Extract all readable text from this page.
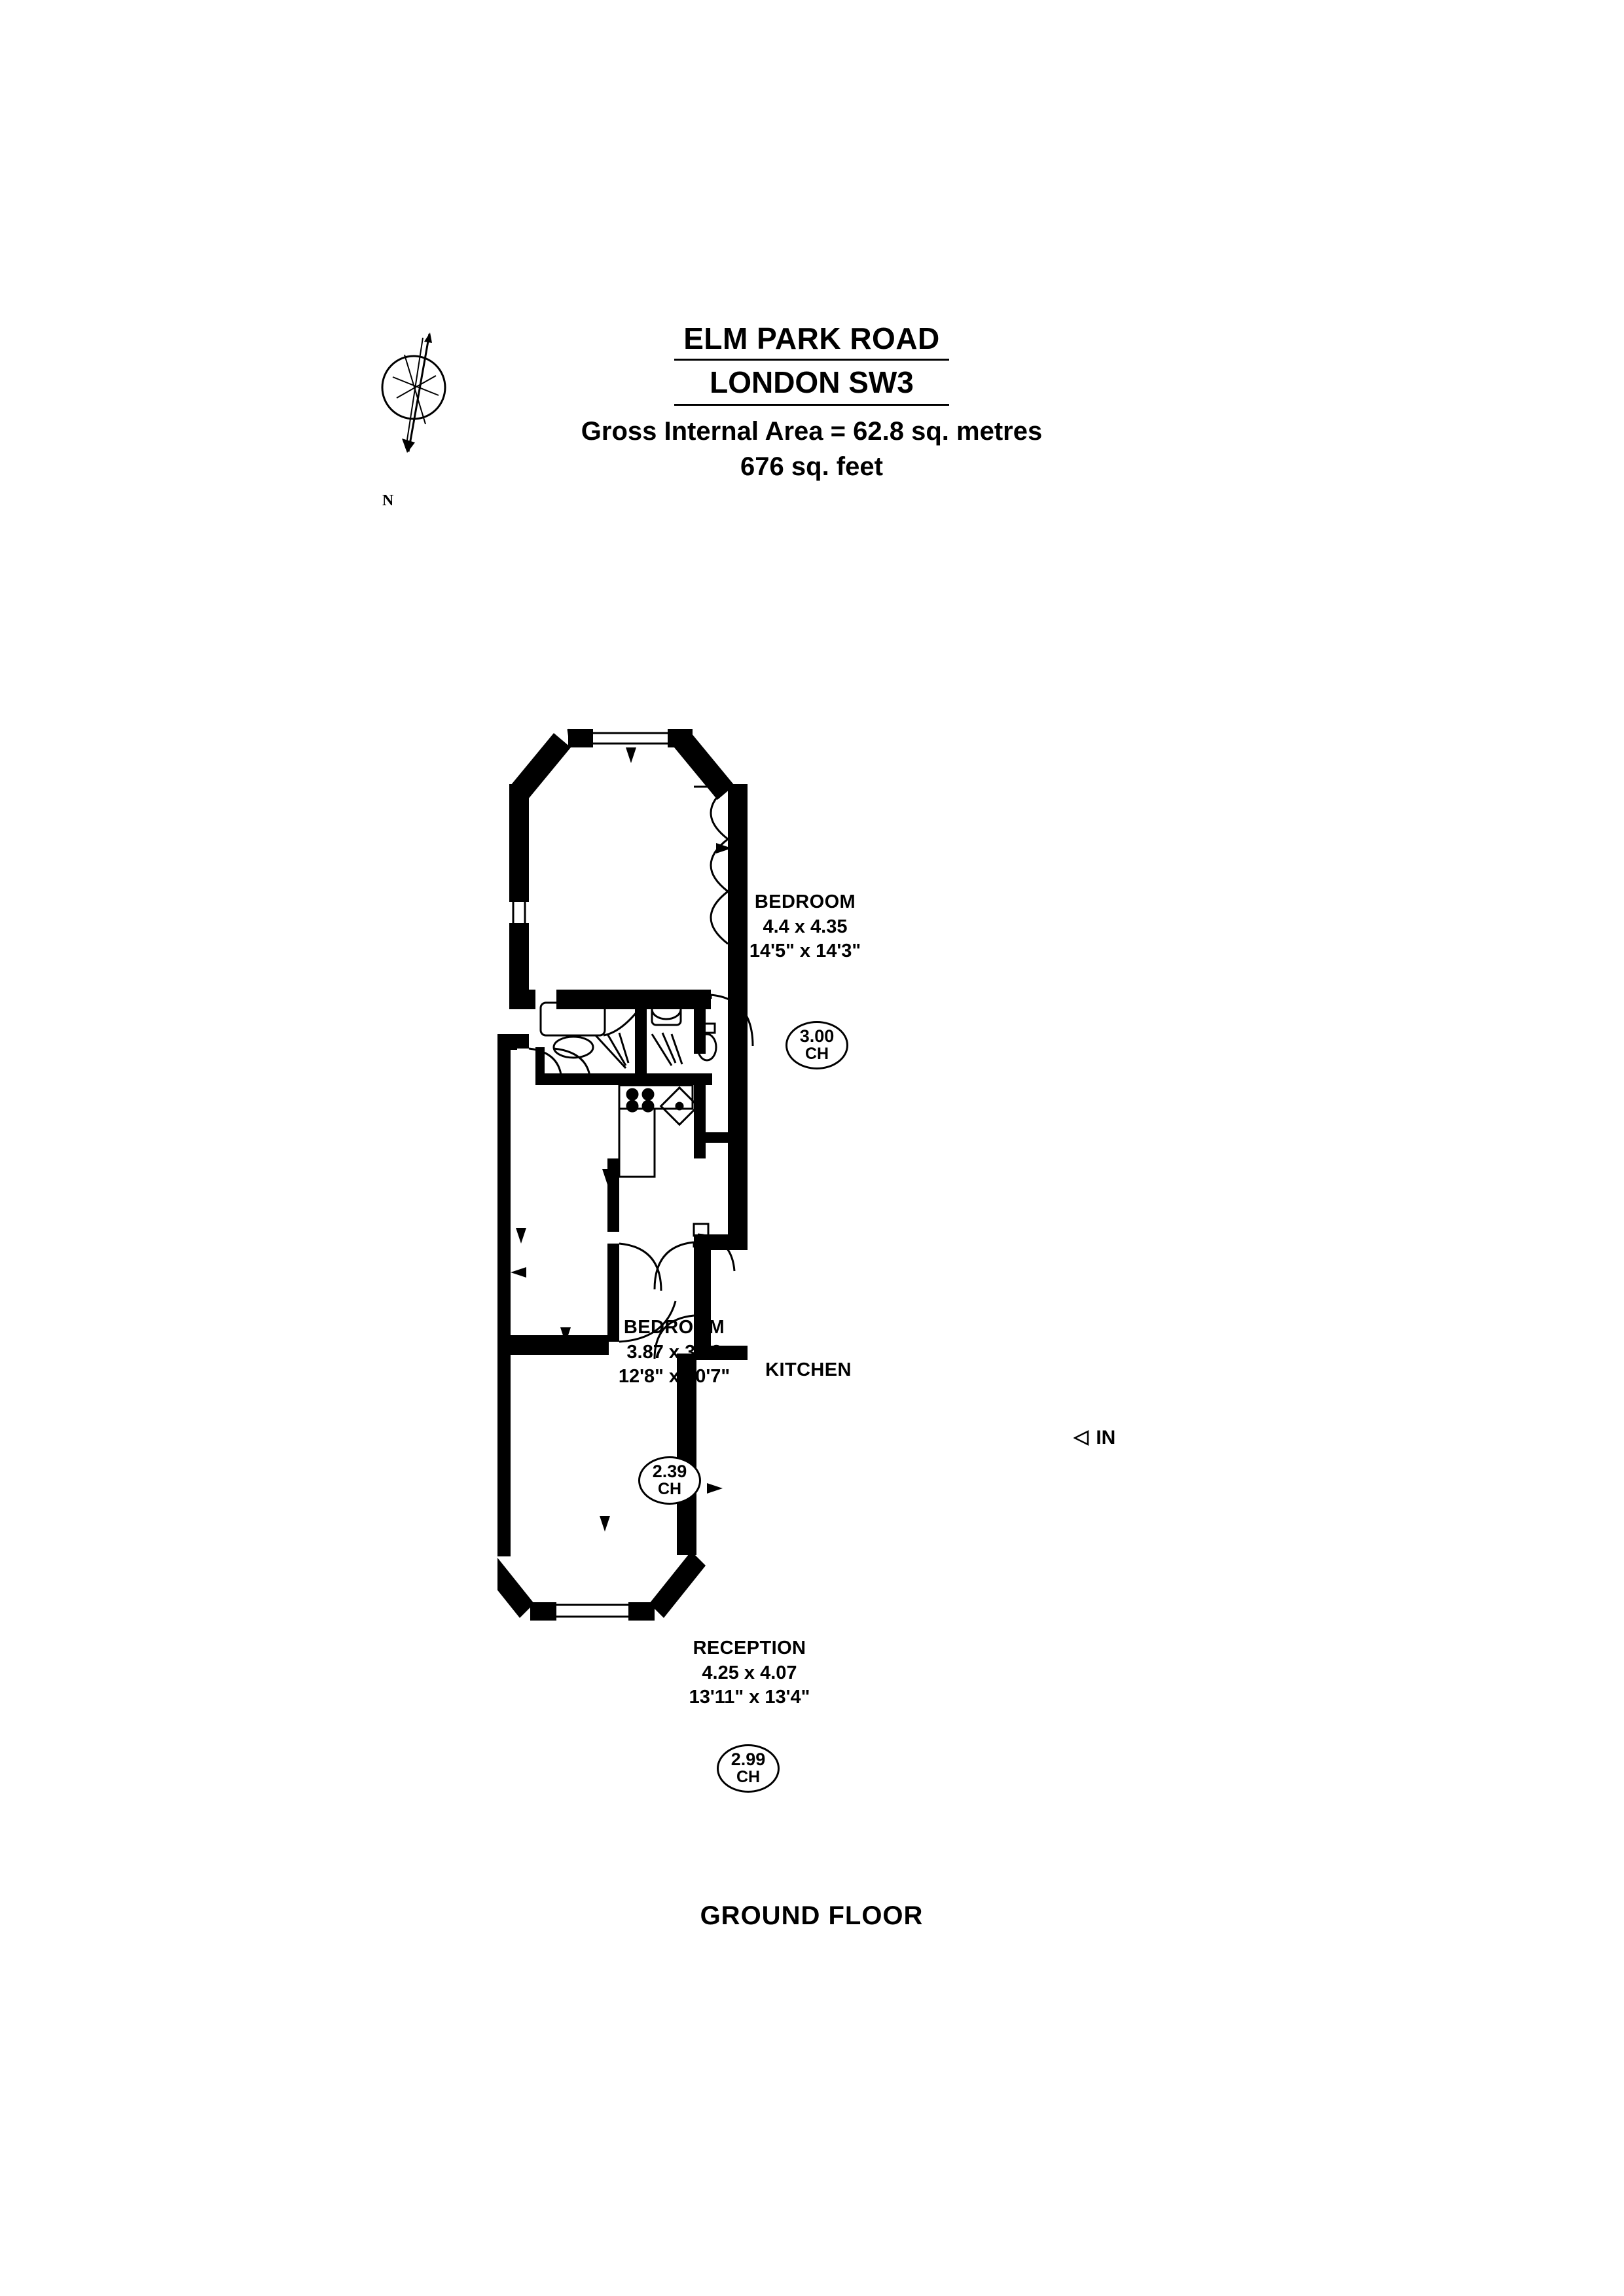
N
ELM PARK ROAD
LONDON SW3
Gross Internal Area = 62.8 sq. metres
676 sq. feet
BEDROOM
4.4 x 4.35
14'5" x 14'3"
BEDROOM
3.87 x 3.22
12'8" x 10'7"	KITCHEN
RECEPTION
4.25 x 4.07
13'11" x 13'4"
3.00
CH
2.39
CH
2.99
CH
IN
GROUND FLOOR
